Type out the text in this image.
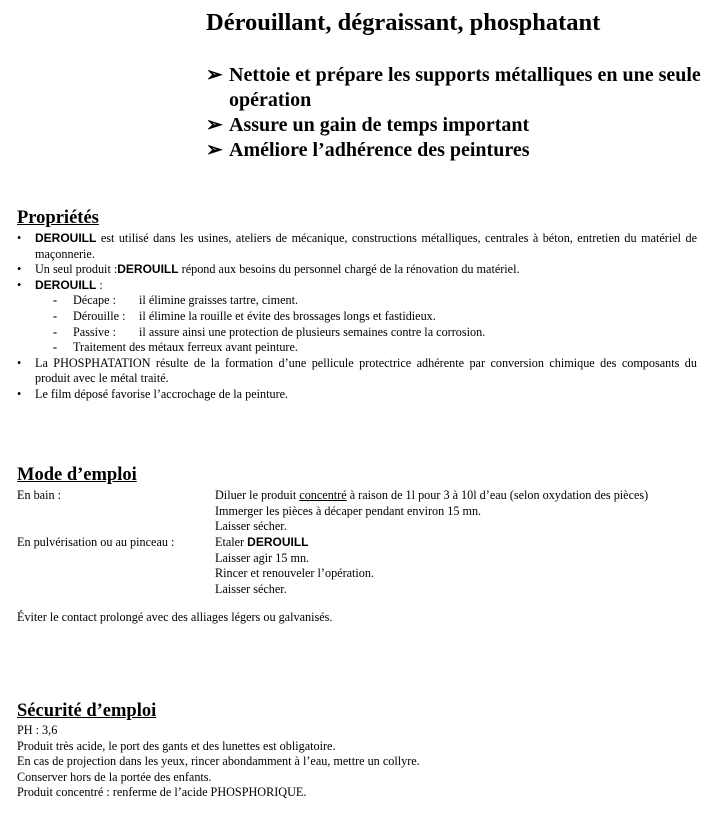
Dérouillant, dégraissant, phosphatant
➢ Nettoie et prépare les supports métalliques en une seule opération
➢ Assure un gain de temps important
➢ Améliore l’adhérence des peintures
Propriétés
• DEROUILL est utilisé dans les usines, ateliers de mécanique, constructions métalliques, centrales à béton, entretien du matériel de maçonnerie.
• Un seul produit :DEROUILL répond aux besoins du personnel chargé de la rénovation du matériel.
• DEROUILL :
- Décape : il élimine graisses tartre, ciment.
- Dérouille : il élimine la rouille et évite des brossages longs et fastidieux.
- Passive : il assure ainsi une protection de plusieurs semaines contre la corrosion.
- Traitement des métaux ferreux avant peinture.
• La PHOSPHATATION résulte de la formation d’une pellicule protectrice adhérente par conversion chimique des composants du produit avec le métal traité.
• Le film déposé favorise l’accrochage de la peinture.
Mode d’emploi
En bain :	Diluer le produit concentré à raison de 1l pour 3 à 10l d’eau (selon oxydation des pièces)
Immerger les pièces à décaper pendant environ 15 mn.
Laisser sécher.
En pulvérisation ou au pinceau :	Etaler DEROUILL
Laisser agir 15 mn.
Rincer et renouveler l’opération.
Laisser sécher.
Éviter le contact prolongé avec des alliages légers ou galvanisés.
Sécurité d’emploi
PH : 3,6
Produit très acide, le port des gants et des lunettes est obligatoire.
En cas de projection dans les yeux, rincer abondamment à l’eau, mettre un collyre.
Conserver hors de la portée des enfants.
Produit concentré : renferme de l’acide PHOSPHORIQUE.
